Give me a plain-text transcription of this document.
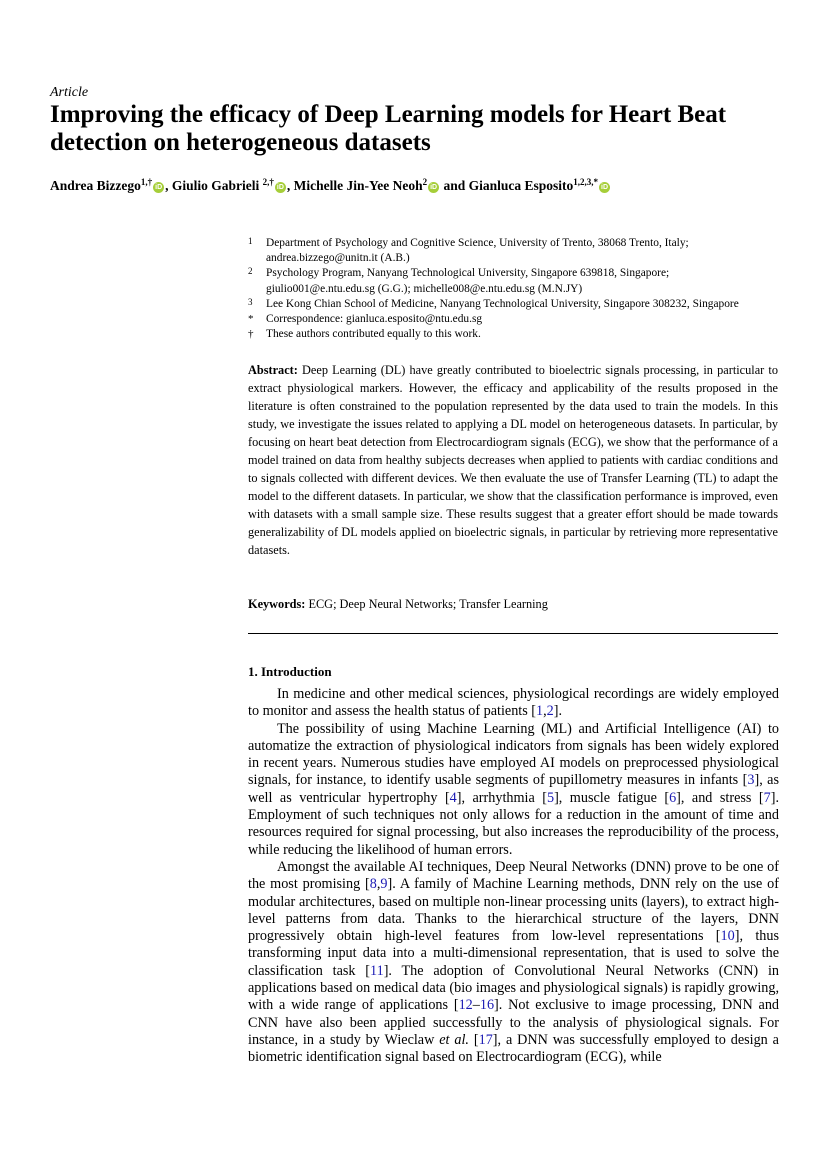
Article
Improving the efficacy of Deep Learning models for Heart Beat detection on heterogeneous datasets
Andrea Bizzego$^{1,\dagger}$iD , Giulio Gabrieli $^{2,\dagger}$iD , Michelle Jin-Yee Neoh$^2$iD and Gianluca Esposito$^{1,2,3,*}$iD
1 Department of Psychology and Cognitive Science, University of Trento, 38068 Trento, Italy;
andrea.bizzego@unitn.it (A.B.)
2 Psychology Program, Nanyang Technological University, Singapore 639818, Singapore;
giulio001@e.ntu.edu.sg (G.G.); michelle008@e.ntu.edu.sg (M.N.JY)
3 Lee Kong Chian School of Medicine, Nanyang Technological University, Singapore 308232, Singapore
* Correspondence: gianluca.esposito@ntu.edu.sg
† These authors contributed equally to this work.

Abstract: Deep Learning (DL) have greatly contributed to bioelectric signals processing, in particular to extract physiological markers. However, the efficacy and applicability of the results proposed in the literature is often constrained to the population represented by the data used to train the models. In this study, we investigate the issues related to applying a DL model on heterogeneous datasets. In particular, by focusing on heart beat detection from Electrocardiogram signals (ECG), we show that the performance of a model trained on data from healthy subjects decreases when applied to patients with cardiac conditions and to signals collected with different devices. We then evaluate the use of Transfer Learning (TL) to adapt the model to the different datasets. In particular, we show that the classification performance is improved, even with datasets with a small sample size. These results suggest that a greater effort should be made towards generalizability of DL models applied on bioelectric signals, in particular by retrieving more representative datasets.

Keywords: ECG; Deep Neural Networks; Transfer Learning

1. Introduction

In medicine and other medical sciences, physiological recordings are widely employed to monitor and assess the health status of patients [1,2].

The possibility of using Machine Learning (ML) and Artificial Intelligence (AI) to automatize the extraction of physiological indicators from signals has been widely explored in recent years. Numerous studies have employed AI models on preprocessed physiological signals, for instance, to identify usable segments of pupillometry measures in infants [3], as well as ventricular hypertrophy [4], arrhythmia [5], muscle fatigue [6], and stress [7]. Employment of such techniques not only allows for a reduction in the amount of time and resources required for signal processing, but also increases the reproducibility of the process, while reducing the likelihood of human errors.

Amongst the available AI techniques, Deep Neural Networks (DNN) prove to be one of the most promising [8,9]. A family of Machine Learning methods, DNN rely on the use of modular architectures, based on multiple non-linear processing units (layers), to extract high-level patterns from data. Thanks to the hierarchical structure of the layers, DNN progressively obtain high-level features from low-level representations [10], thus transforming input data into a multi-dimensional representation, that is used to solve the classification task [11]. The adoption of Convolutional Neural Networks (CNN) in applications based on medical data (bio images and physiological signals) is rapidly growing, with a wide range of applications [12–16]. Not exclusive to image processing, DNN and CNN have also been applied successfully to the analysis of physiological signals. For instance, in a study by Wieclaw et al. [17], a DNN was successfully employed to design a biometric identification signal based on Electrocardiogram (ECG), while
